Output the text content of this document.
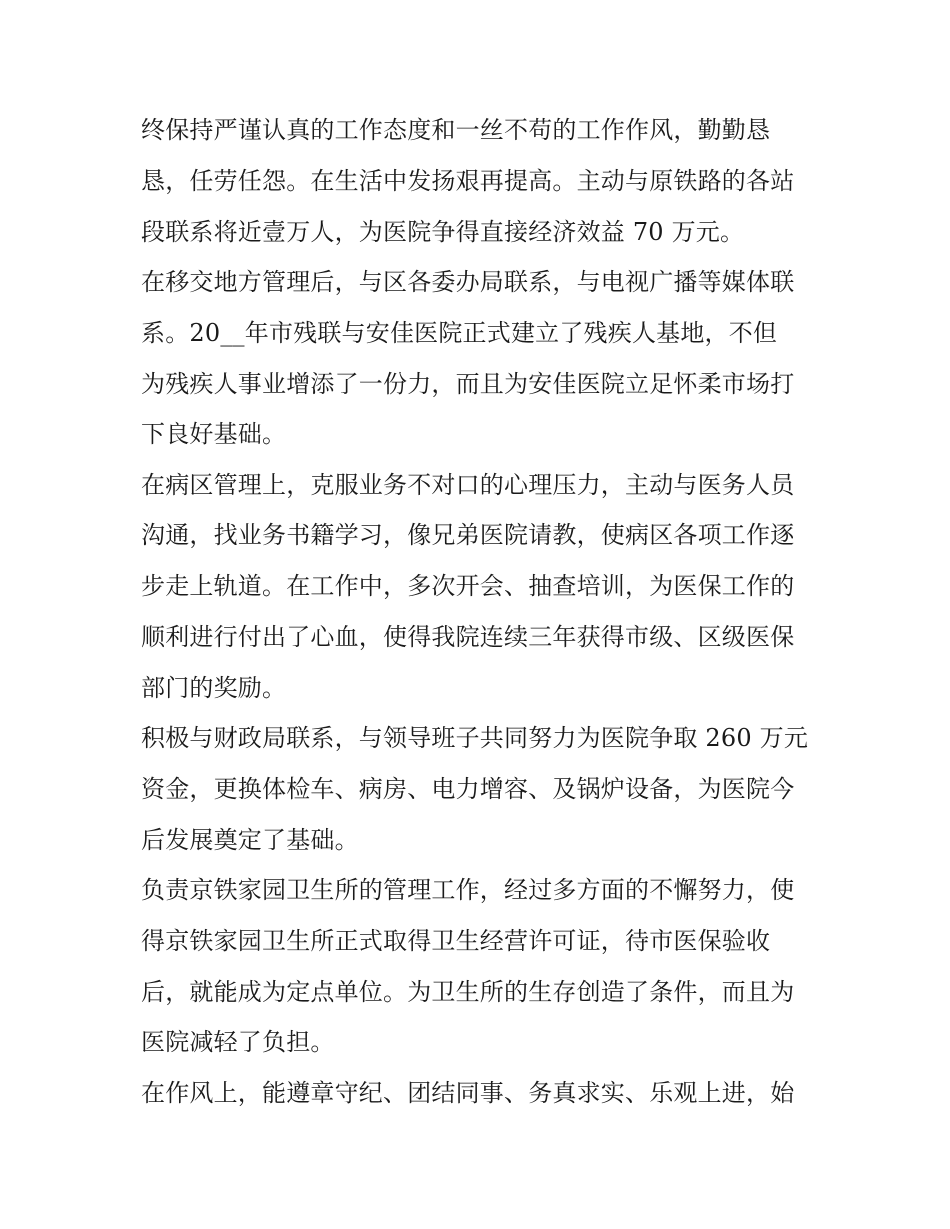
终保持严谨认真的工作态度和一丝不苟的工作作风，勤勤恳
恳，任劳任怨。在生活中发扬艰再提高。主动与原铁路的各站
段联系将近壹万人，为医院争得直接经济效益 70 万元。
在移交地方管理后，与区各委办局联系，与电视广播等媒体联
系。20__年市残联与安佳医院正式建立了残疾人基地，不但
为残疾人事业增添了一份力，而且为安佳医院立足怀柔市场打
下良好基础。
在病区管理上，克服业务不对口的心理压力，主动与医务人员
沟通，找业务书籍学习，像兄弟医院请教，使病区各项工作逐
步走上轨道。在工作中，多次开会、抽查培训，为医保工作的
顺利进行付出了心血，使得我院连续三年获得市级、区级医保
部门的奖励。
积极与财政局联系，与领导班子共同努力为医院争取 260 万元
资金，更换体检车、病房、电力增容、及锅炉设备，为医院今
后发展奠定了基础。
负责京铁家园卫生所的管理工作，经过多方面的不懈努力，使
得京铁家园卫生所正式取得卫生经营许可证，待市医保验收
后，就能成为定点单位。为卫生所的生存创造了条件，而且为
医院减轻了负担。
在作风上，能遵章守纪、团结同事、务真求实、乐观上进，始
